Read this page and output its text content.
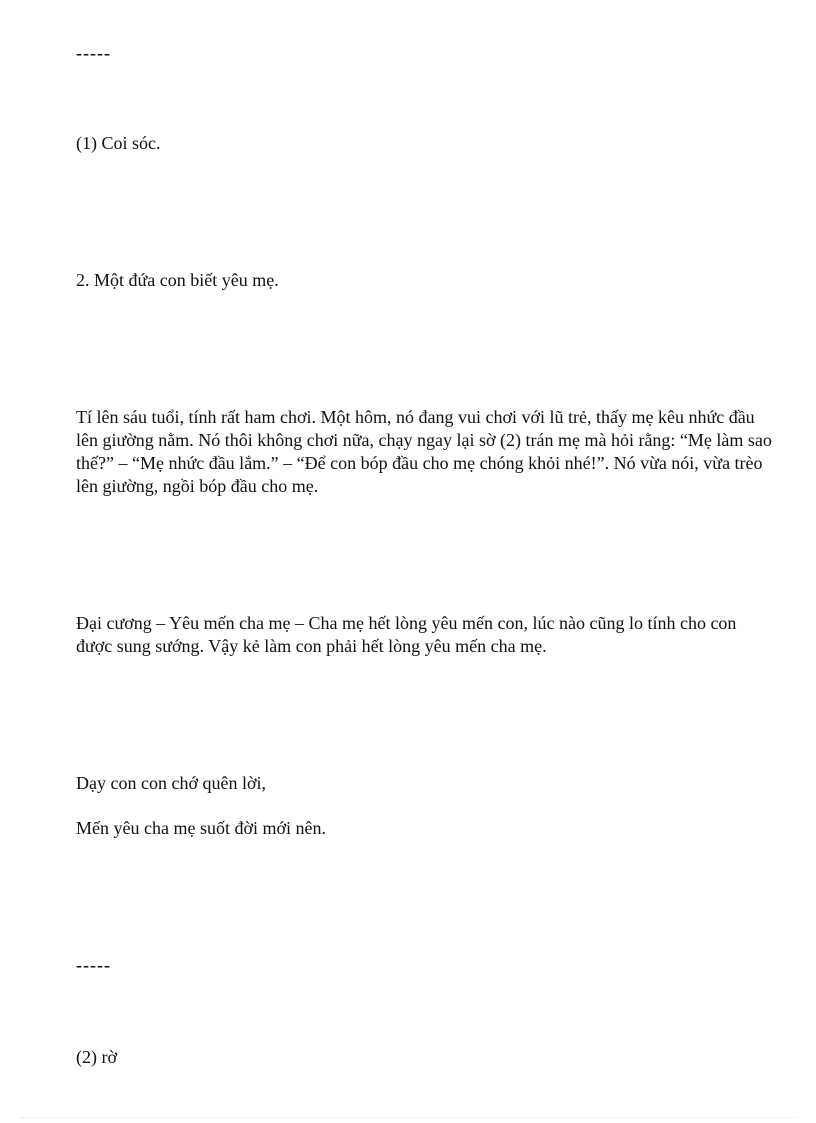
-----

(1) Coi sóc.

2. Một đứa con biết yêu mẹ.

Tí lên sáu tuổi, tính rất ham chơi. Một hôm, nó đang vui chơi với lũ trẻ, thấy mẹ kêu nhức đầu lên giường nằm. Nó thôi không chơi nữa, chạy ngay lại sờ (2) trán mẹ mà hỏi rằng: “Mẹ làm sao thế?” – “Mẹ nhức đầu lắm.” – “Để con bóp đầu cho mẹ chóng khỏi nhé!”. Nó vừa nói, vừa trèo lên giường, ngồi bóp đầu cho mẹ.

Đại cương – Yêu mến cha mẹ – Cha mẹ hết lòng yêu mến con, lúc nào cũng lo tính cho con được sung sướng. Vậy kẻ làm con phải hết lòng yêu mến cha mẹ.

Dạy con con chớ quên lời,

Mến yêu cha mẹ suốt đời mới nên.

-----

(2) rờ
